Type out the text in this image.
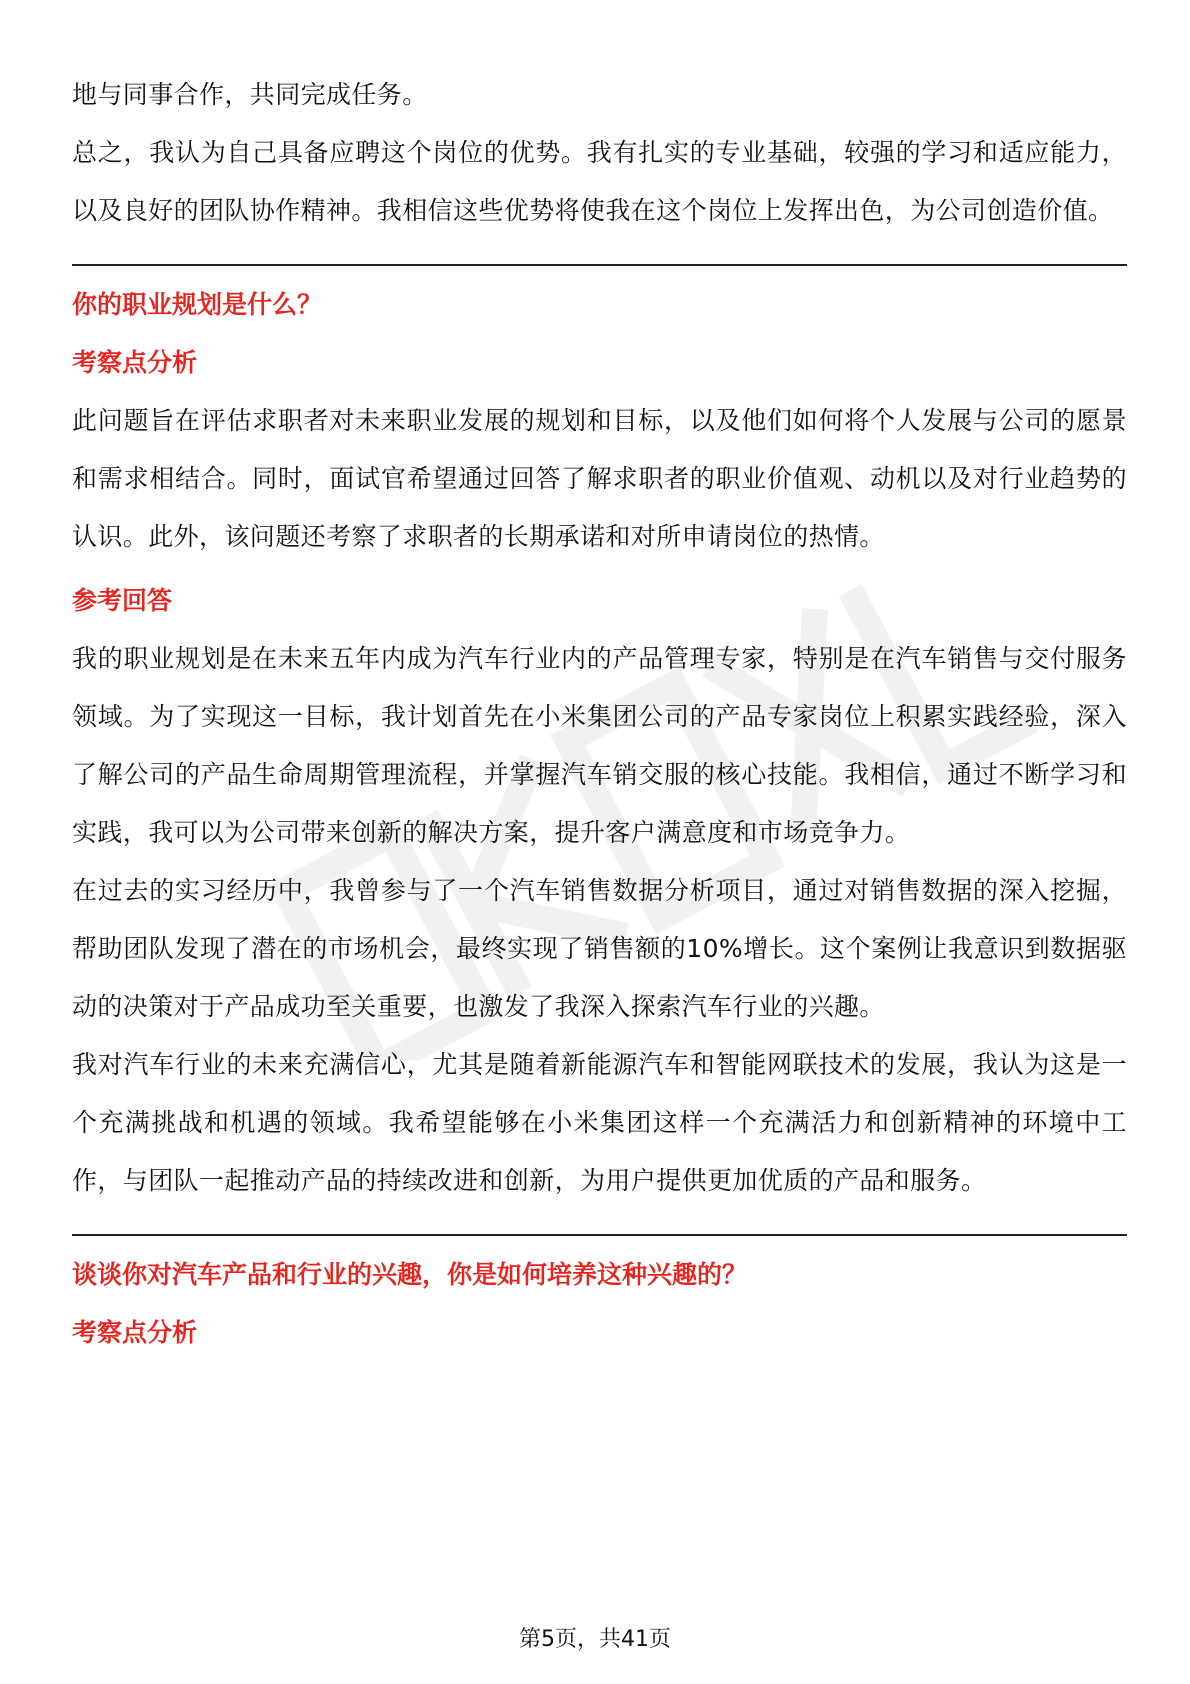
地与同事合作，共同完成任务。

总之，我认为自己具备应聘这个岗位的优势。我有扎实的专业基础，较强的学习和适应能力，以及良好的团队协作精神。我相信这些优势将使我在这个岗位上发挥出色，为公司创造价值。

你的职业规划是什么？

考察点分析

此问题旨在评估求职者对未来职业发展的规划和目标，以及他们如何将个人发展与公司的愿景和需求相结合。同时，面试官希望通过回答了解求职者的职业价值观、动机以及对行业趋势的认识。此外，该问题还考察了求职者的长期承诺和对所申请岗位的热情。

参考回答

我的职业规划是在未来五年内成为汽车行业内的产品管理专家，特别是在汽车销售与交付服务领域。为了实现这一目标，我计划首先在小米集团公司的产品专家岗位上积累实践经验，深入了解公司的产品生命周期管理流程，并掌握汽车销交服的核心技能。我相信，通过不断学习和实践，我可以为公司带来创新的解决方案，提升客户满意度和市场竞争力。

在过去的实习经历中，我曾参与了一个汽车销售数据分析项目，通过对销售数据的深入挖掘，帮助团队发现了潜在的市场机会，最终实现了销售额的10%增长。这个案例让我意识到数据驱动的决策对于产品成功至关重要，也激发了我深入探索汽车行业的兴趣。

我对汽车行业的未来充满信心，尤其是随着新能源汽车和智能网联技术的发展，我认为这是一个充满挑战和机遇的领域。我希望能够在小米集团这样一个充满活力和创新精神的环境中工作，与团队一起推动产品的持续改进和创新，为用户提供更加优质的产品和服务。

谈谈你对汽车产品和行业的兴趣，你是如何培养这种兴趣的？

考察点分析

第5页，共41页
